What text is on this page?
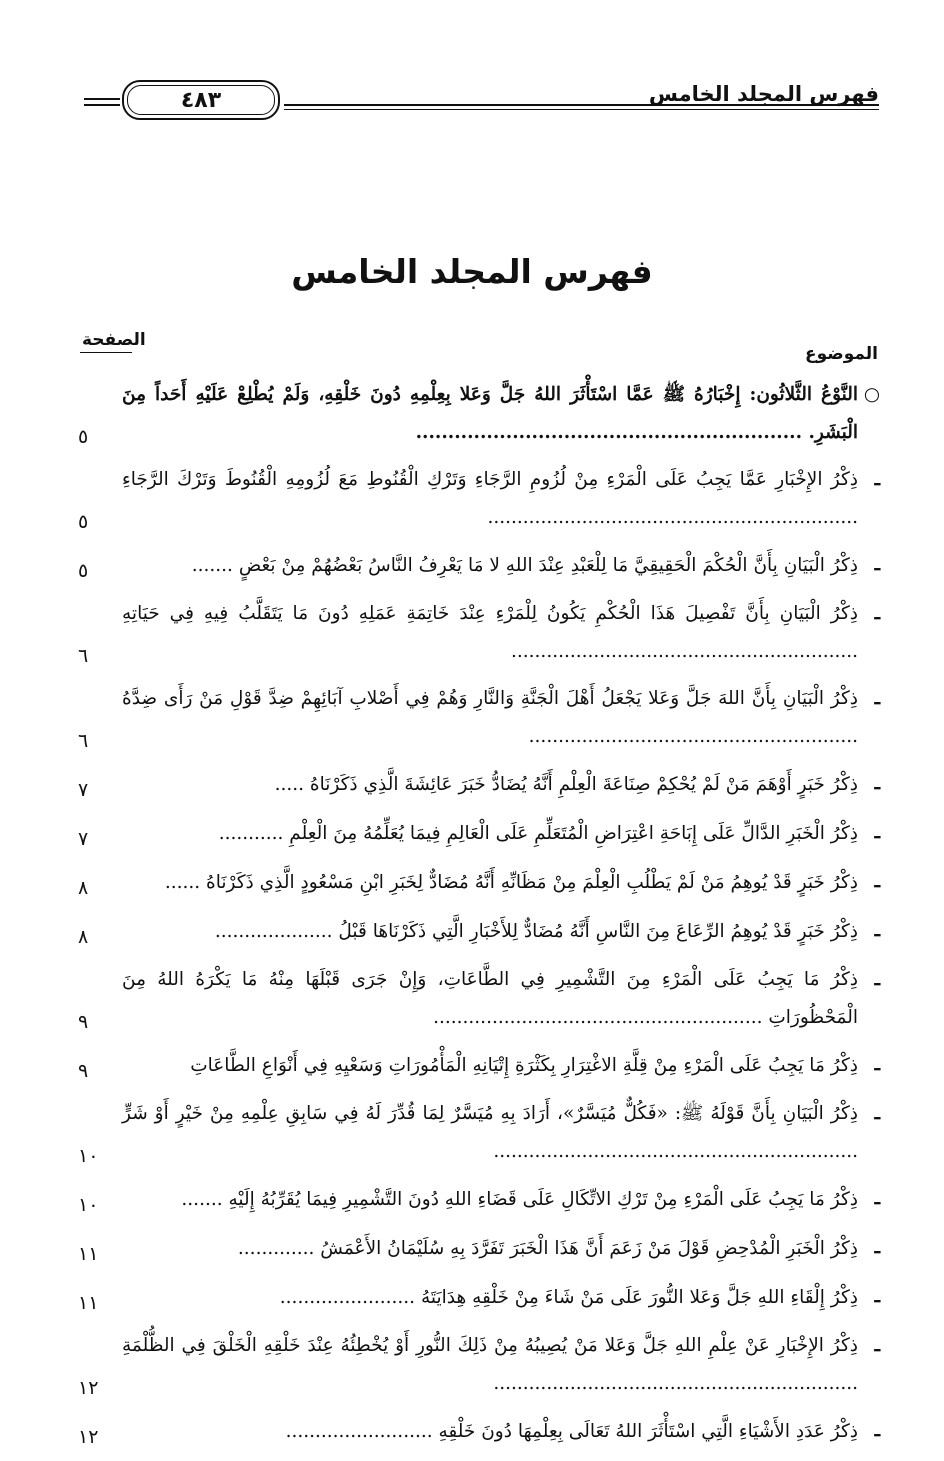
فهرس المجلد الخامس
٤٨٣
فهرس المجلد الخامس
الموضوع
الصفحة
○
النَّوْعُ الثَّلاثُون: إِخْبَارُهُ ﷺ عَمَّا اسْتَأْثَرَ اللهُ جَلَّ وَعَلا بِعِلْمِهِ دُونَ خَلْقِهِ، وَلَمْ يُطْلِعْ عَلَيْهِ أَحَداً مِنَ الْبَشَرِ. ............................................................
٥
ـ
ذِكْرُ الإِخْبَارِ عَمَّا يَجِبُ عَلَى الْمَرْءِ مِنْ لُزُومِ الرَّجَاءِ وَتَرْكِ الْقُنُوطِ مَعَ لُزُومِهِ الْقُنُوطَ وَتَرْكَ الرَّجَاءِ ...............................................................
٥
ـ
ذِكْرُ الْبَيَانِ بِأَنَّ الْحُكْمَ الْحَقِيقِيَّ مَا لِلْعَبْدِ عِنْدَ اللهِ لا مَا يَعْرِفُ النَّاسُ بَعْضُهُمْ مِنْ بَعْضٍ .......
٥
ـ
ذِكْرُ الْبَيَانِ بِأَنَّ تَفْصِيلَ هَذَا الْحُكْمِ يَكُونُ لِلْمَرْءِ عِنْدَ خَاتِمَةِ عَمَلِهِ دُونَ مَا يَتَقَلَّبُ فِيهِ فِي حَيَاتِهِ ...........................................................
٦
ـ
ذِكْرُ الْبَيَانِ بِأَنَّ اللهَ جَلَّ وَعَلا يَجْعَلُ أَهْلَ الْجَنَّةِ وَالنَّارِ وَهُمْ فِي أَصْلابِ آبَائِهِمْ ضِدَّ قَوْلِ مَنْ رَأَى ضِدَّهُ ........................................................
٦
ـ
ذِكْرُ خَبَرٍ أَوْهَمَ مَنْ لَمْ يُحْكِمْ صِنَاعَةَ الْعِلْمِ أَنَّهُ يُضَادُّ خَبَرَ عَائِشَةَ الَّذِي ذَكَرْنَاهُ .....
٧
ـ
ذِكْرُ الْخَبَرِ الدَّالِّ عَلَى إِبَاحَةِ اعْتِرَاضِ الْمُتَعَلِّمِ عَلَى الْعَالِمِ فِيمَا يُعَلِّمُهُ مِنَ الْعِلْمِ ...........
٧
ـ
ذِكْرُ خَبَرٍ قَدْ يُوهِمُ مَنْ لَمْ يَطْلُبِ الْعِلْمَ مِنْ مَظَانِّهِ أَنَّهُ مُضَادٌّ لِخَبَرِ ابْنِ مَسْعُودٍ الَّذِي ذَكَرْنَاهُ ......
٨
ـ
ذِكْرُ خَبَرٍ قَدْ يُوهِمُ الرِّعَاعَ مِنَ النَّاسِ أَنَّهُ مُضَادٌّ لِلأَخْبَارِ الَّتِي ذَكَرْنَاهَا قَبْلُ ....................
٨
ـ
ذِكْرُ مَا يَجِبُ عَلَى الْمَرْءِ مِنَ التَّشْمِيرِ فِي الطَّاعَاتِ، وَإِنْ جَرَى قَبْلَهَا مِنْهُ مَا يَكْرَهُ اللهُ مِنَ الْمَحْظُورَاتِ ........................................................
٩
ـ
ذِكْرُ مَا يَجِبُ عَلَى الْمَرْءِ مِنْ قِلَّةِ الاغْتِرَارِ بِكَثْرَةِ إِتْيَانِهِ الْمَأْمُورَاتِ وَسَعْيِهِ فِي أَنْوَاعِ الطَّاعَاتِ
٩
ـ
ذِكْرُ الْبَيَانِ بِأَنَّ قَوْلَهُ ﷺ: «فَكُلٌّ مُيَسَّرٌ»، أَرَادَ بِهِ مُيَسَّرٌ لِمَا قُدِّرَ لَهُ فِي سَابِقِ عِلْمِهِ مِنْ خَيْرٍ أَوْ شَرٍّ ..............................................................
١٠
ـ
ذِكْرُ مَا يَجِبُ عَلَى الْمَرْءِ مِنْ تَرْكِ الاتِّكَالِ عَلَى قَضَاءِ اللهِ دُونَ التَّشْمِيرِ فِيمَا يُقَرِّبُهُ إِلَيْهِ .......
١٠
ـ
ذِكْرُ الْخَبَرِ الْمُدْحِضِ قَوْلَ مَنْ زَعَمَ أَنَّ هَذَا الْخَبَرَ تَفَرَّدَ بِهِ سُلَيْمَانُ الأَعْمَشُ .............
١١
ـ
ذِكْرُ إِلْقَاءِ اللهِ جَلَّ وَعَلا النُّورَ عَلَى مَنْ شَاءَ مِنْ خَلْقِهِ هِدَايَتَهُ .......................
١١
ـ
ذِكْرُ الإِخْبَارِ عَنْ عِلْمِ اللهِ جَلَّ وَعَلا مَنْ يُصِيبُهُ مِنْ ذَلِكَ النُّورِ أَوْ يُخْطِئُهُ عِنْدَ خَلْقِهِ الْخَلْقَ فِي الظُّلْمَةِ ..............................................................
١٢
ـ
ذِكْرُ عَدَدِ الأَشْيَاءِ الَّتِي اسْتَأْثَرَ اللهُ تَعَالَى بِعِلْمِهَا دُونَ خَلْقِهِ .........................
١٢
